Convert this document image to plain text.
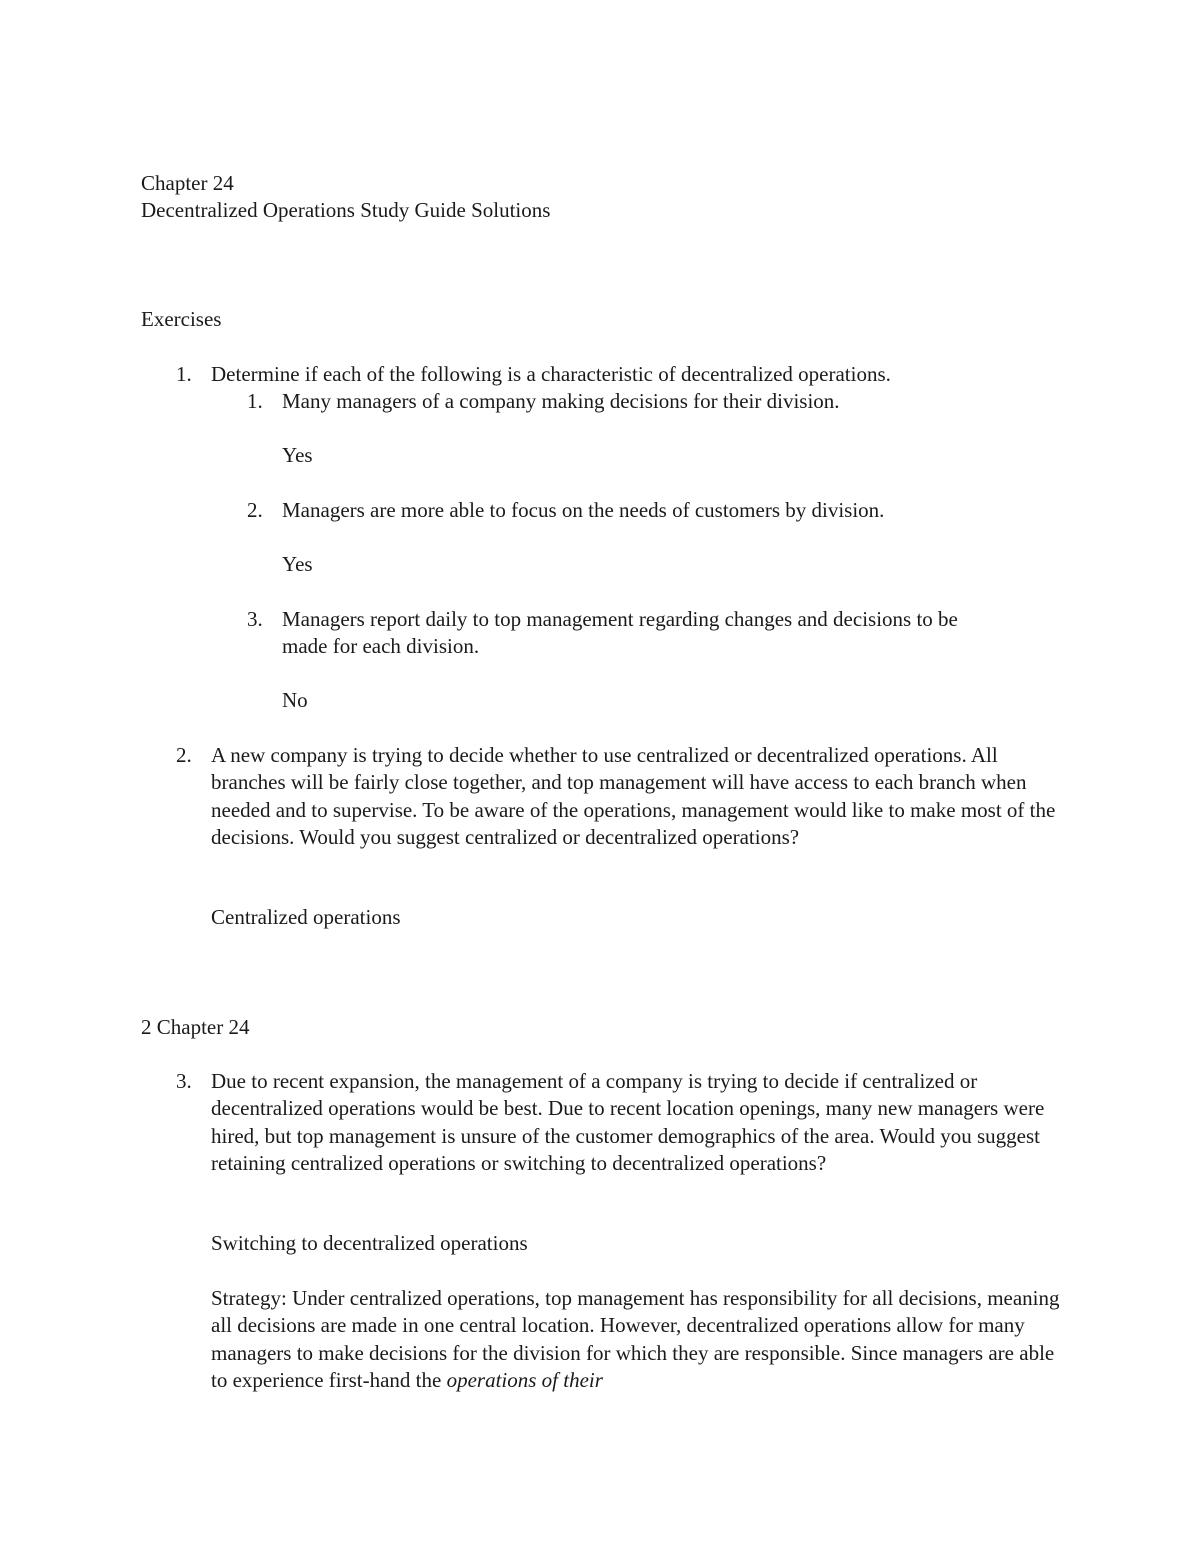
Chapter 24
Decentralized Operations Study Guide Solutions
Exercises
1. Determine if each of the following is a characteristic of decentralized operations.
1. Many managers of a company making decisions for their division.
Yes
2. Managers are more able to focus on the needs of customers by division.
Yes
3. Managers report daily to top management regarding changes and decisions to be
made for each division.
No
2. A new company is trying to decide whether to use centralized or decentralized operations. All branches will be fairly close together, and top management will have access to each branch when needed and to supervise. To be aware of the operations, management would like to make most of the decisions. Would you suggest centralized or decentralized operations?
Centralized operations
2 Chapter 24
3. Due to recent expansion, the management of a company is trying to decide if centralized or decentralized operations would be best. Due to recent location openings, many new managers were hired, but top management is unsure of the customer demographics of the area. Would you suggest retaining centralized operations or switching to decentralized operations?
Switching to decentralized operations
Strategy: Under centralized operations, top management has responsibility for all decisions, meaning all decisions are made in one central location. However, decentralized operations allow for many managers to make decisions for the division for which they are responsible. Since managers are able to experience first-hand the operations of their
